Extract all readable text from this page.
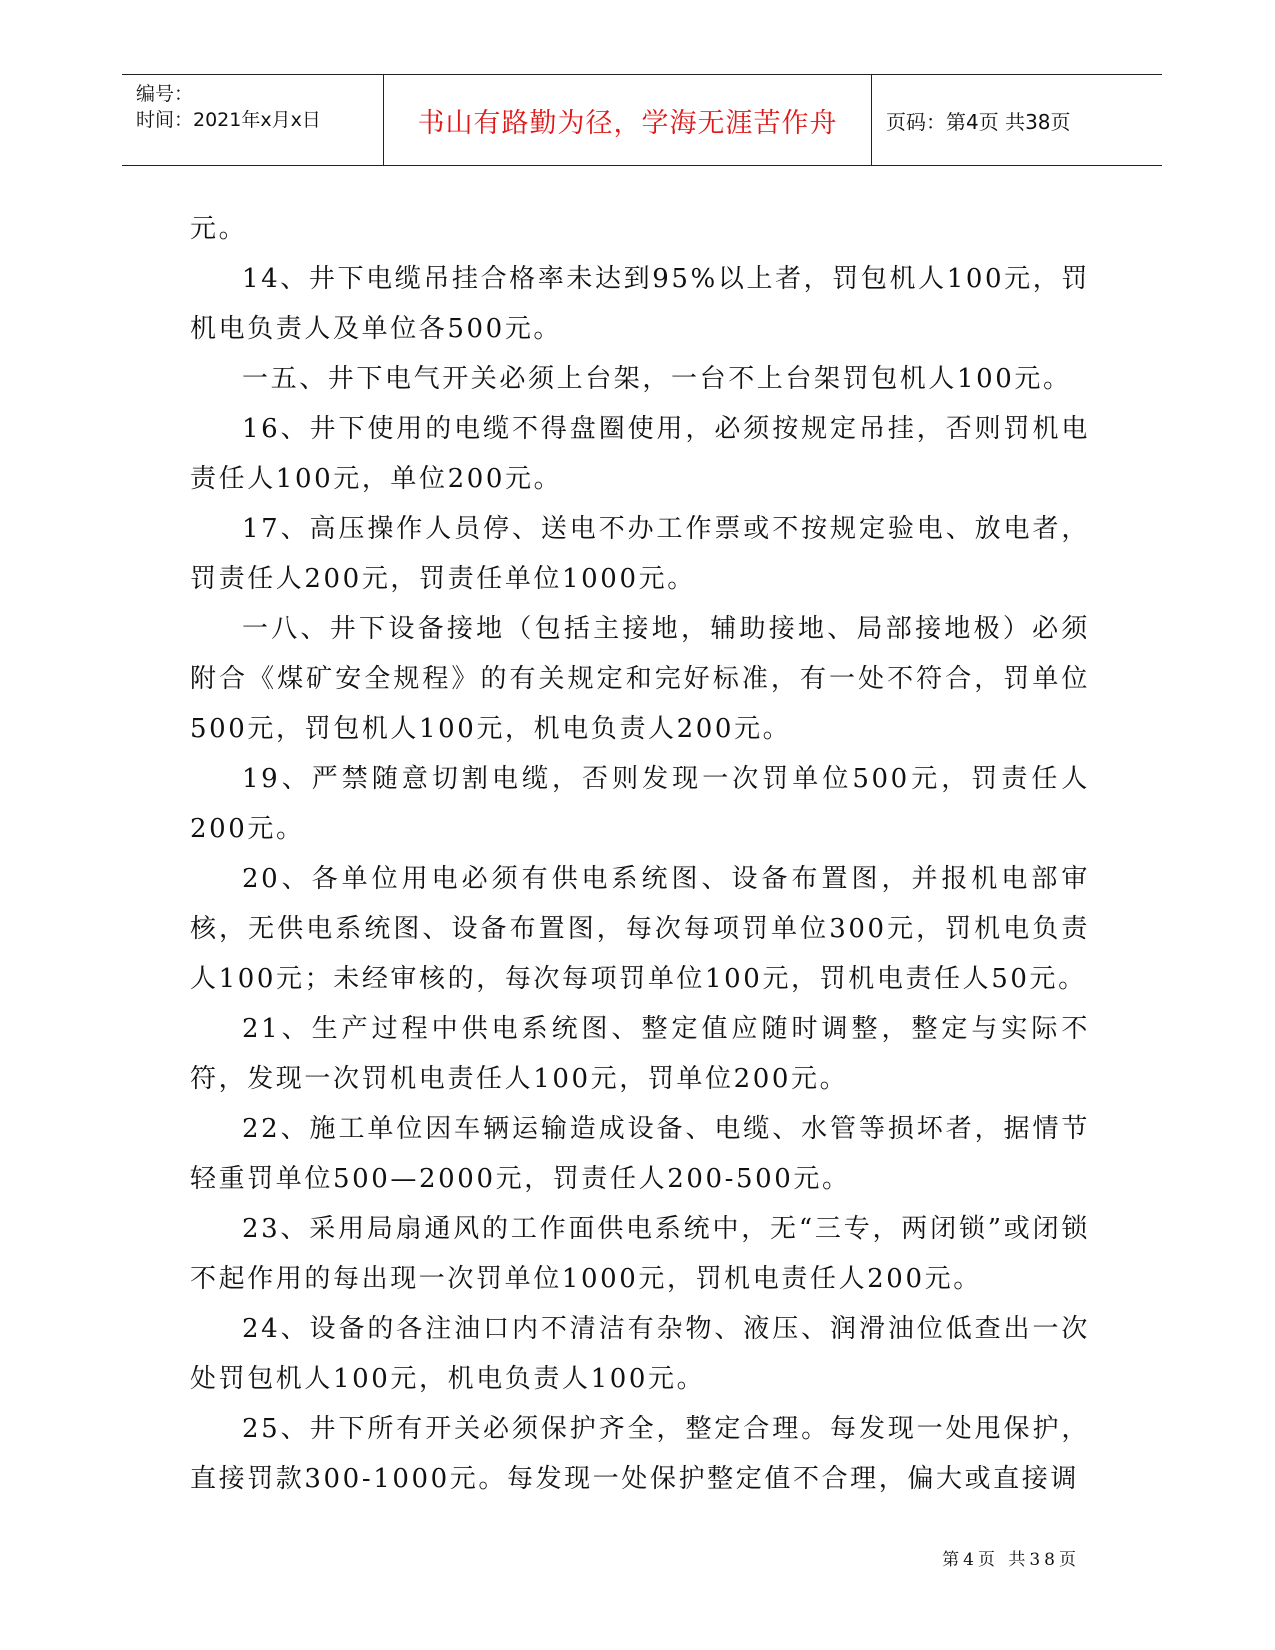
编号：
时间：2021年x月x日	书山有路勤为径，学海无涯苦作舟 页码：第4页 共38页

元。

14、井下电缆吊挂合格率未达到95%以上者，罚包机人100元，罚机电负责人及单位各500元。

一五、井下电气开关必须上台架，一台不上台架罚包机人100元。

16、井下使用的电缆不得盘圈使用，必须按规定吊挂，否则罚机电责任人100元，单位200元。

17、高压操作人员停、送电不办工作票或不按规定验电、放电者，罚责任人200元，罚责任单位1000元。

一八、井下设备接地（包括主接地，辅助接地、局部接地极）必须附合《煤矿安全规程》的有关规定和完好标准，有一处不符合，罚单位500元，罚包机人100元，机电负责人200元。

19、严禁随意切割电缆，否则发现一次罚单位500元，罚责任人200元。

20、各单位用电必须有供电系统图、设备布置图，并报机电部审核，无供电系统图、设备布置图，每次每项罚单位300元，罚机电负责人100元；未经审核的，每次每项罚单位100元，罚机电责任人50元。

21、生产过程中供电系统图、整定值应随时调整，整定与实际不符，发现一次罚机电责任人100元，罚单位200元。

22、施工单位因车辆运输造成设备、电缆、水管等损坏者，据情节轻重罚单位500—2000元，罚责任人200-500元。

23、采用局扇通风的工作面供电系统中，无“三专，两闭锁”或闭锁不起作用的每出现一次罚单位1000元，罚机电责任人200元。

24、设备的各注油口内不清洁有杂物、液压、润滑油位低查出一次处罚包机人100元，机电负责人100元。

25、井下所有开关必须保护齐全，整定合理。每发现一处甩保护，直接罚款300-1000元。每发现一处保护整定值不合理，偏大或直接调

第4页 共38页
